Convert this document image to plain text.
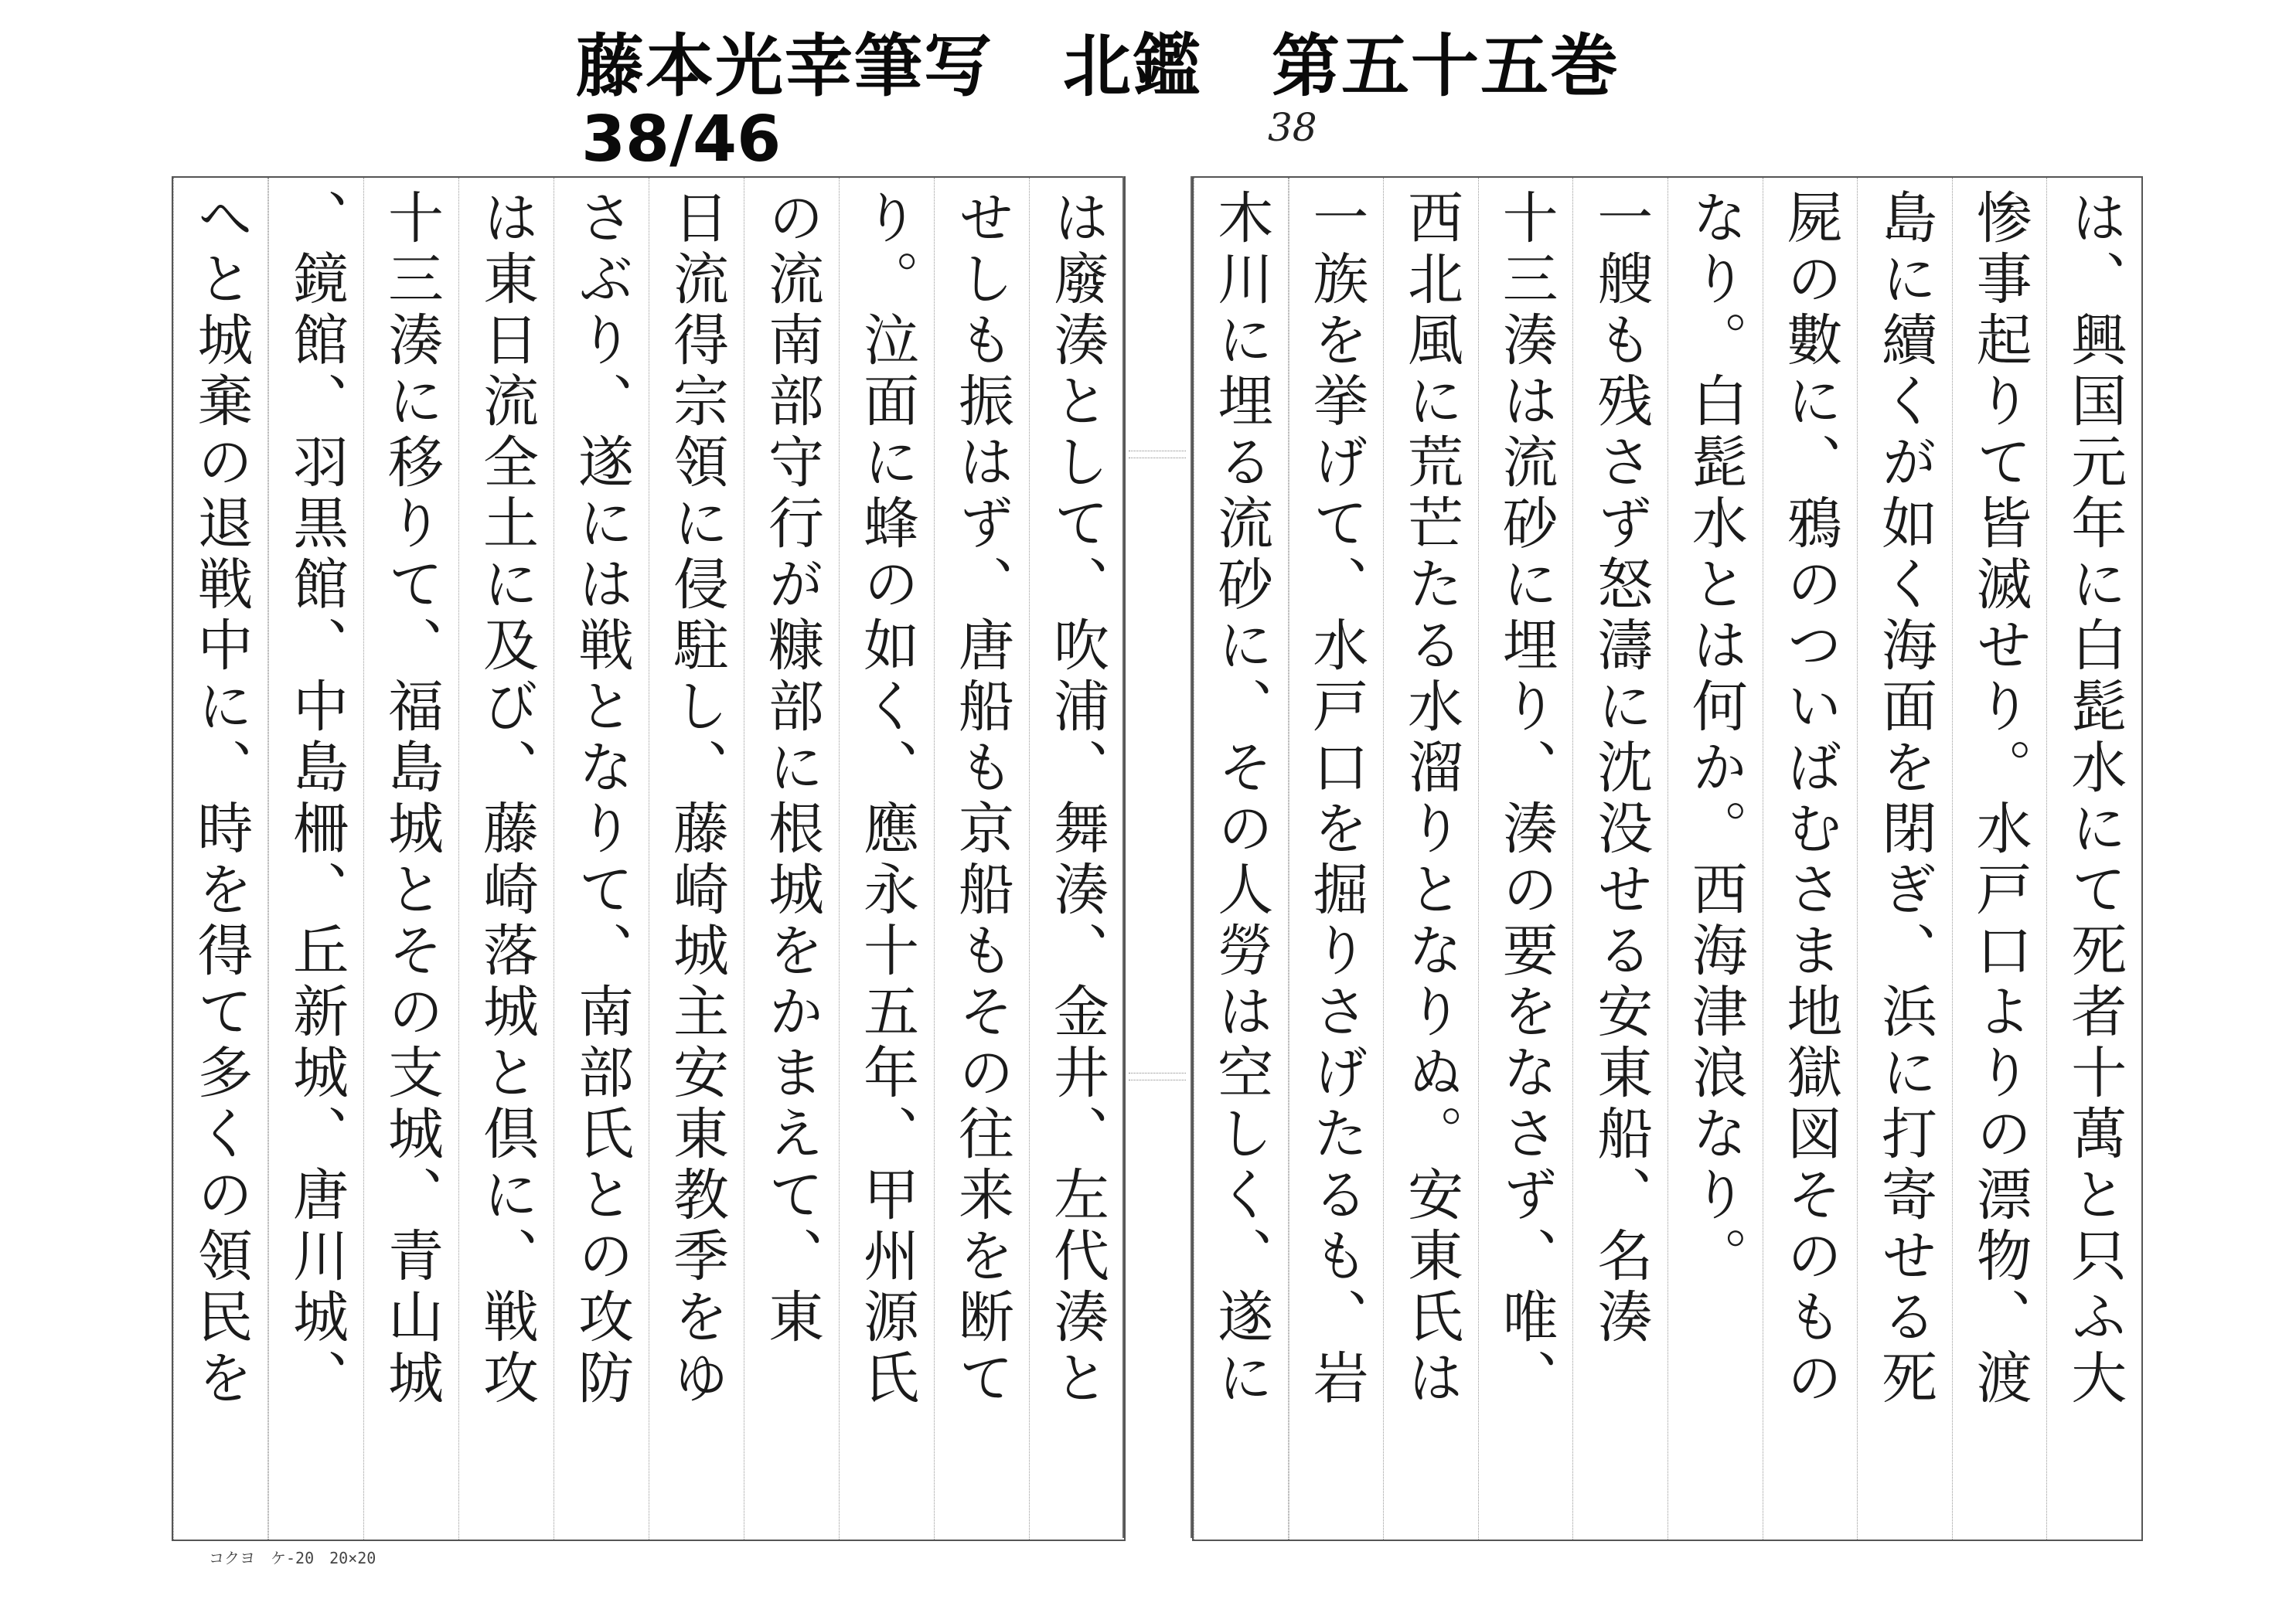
藤本光幸筆写　北鑑　第五十五巻
38/46	38
は廢湊として、吹浦、舞湊、金井、左代湊と
せしも振はず、唐船も京船もその往来を断て
り。泣面に蜂の如く、應永十五年、甲州源氏
の流南部守行が糠部に根城をかまえて、東
日流得宗領に侵駐し、藤崎城主安東教季をゆ
さぶり、遂には戦となりて、南部氏との攻防
は東日流全土に及び、藤崎落城と倶に、戦攻
十三湊に移りて、福島城とその支城、青山城
、鏡館、羽黒館、中島柵、丘新城、唐川城、
へと城棄の退戦中に、時を得て多くの領民を	は、興国元年に白髭水にて死者十萬と只ふ大
惨事起りて皆滅せり。水戸口よりの漂物、渡
島に續くが如く海面を閉ぎ、浜に打寄せる死
屍の數に、鴉のついばむさま地獄図そのもの
なり。白髭水とは何か。西海津浪なり。
一艘も残さず怒濤に沈没せる安東船、名湊
十三湊は流砂に埋り、湊の要をなさず、唯、
西北風に荒芒たる水溜りとなりぬ。安東氏は
一族を挙げて、水戸口を掘りさげたるも、岩
木川に埋る流砂に、その人勞は空しく、遂に
コクヨ　ケ-20　20×20
